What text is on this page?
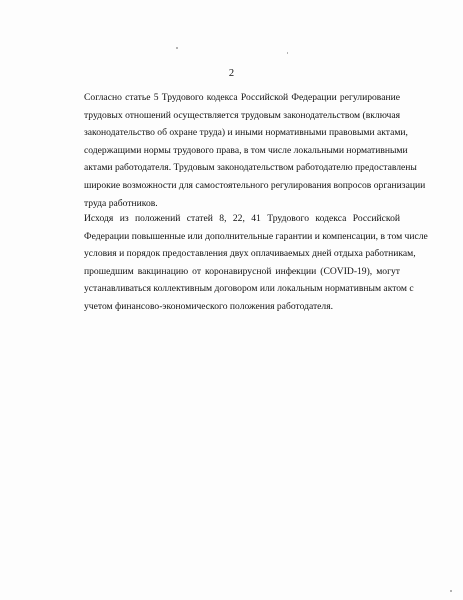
2
Согласно статье 5 Трудового кодекса Российской Федерации регулирование
трудовых отношений осуществляется трудовым законодательством (включая
законодательство об охране труда) и иными нормативными правовыми актами,
содержащими нормы трудового права, в том числе локальными нормативными
актами работодателя. Трудовым законодательством работодателю предоставлены
широкие возможности для самостоятельного регулирования вопросов организации
труда работников.
Исходя из положений статей 8, 22, 41 Трудового кодекса Российской
Федерации повышенные или дополнительные гарантии и компенсации, в том числе
условия и порядок предоставления двух оплачиваемых дней отдыха работникам,
прошедшим вакцинацию от коронавирусной инфекции (COVID-19), могут
устанавливаться коллективным договором или локальным нормативным актом с
учетом финансово-экономического положения работодателя.
